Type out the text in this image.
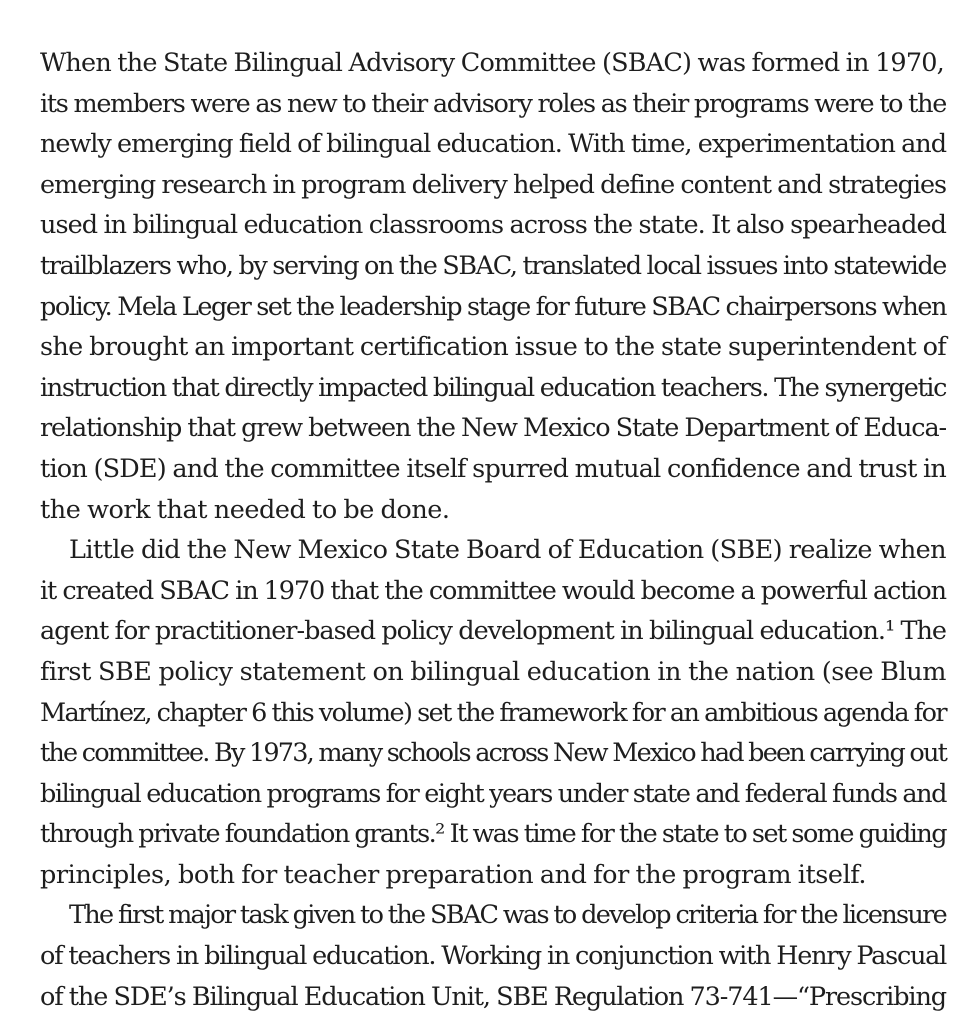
When the State Bilingual Advisory Committee (SBAC) was formed in 1970,
its members were as new to their advisory roles as their programs were to the
newly emerging field of bilingual education. With time, experimentation and
emerging research in program delivery helped define content and strategies
used in bilingual education classrooms across the state. It also spearheaded
trailblazers who, by serving on the SBAC, translated local issues into statewide
policy. Mela Leger set the leadership stage for future SBAC chairpersons when
she brought an important certification issue to the state superintendent of
instruction that directly impacted bilingual education teachers. The synergetic
relationship that grew between the New Mexico State Department of Educa-
tion (SDE) and the committee itself spurred mutual confidence and trust in
the work that needed to be done.
Little did the New Mexico State Board of Education (SBE) realize when
it created SBAC in 1970 that the committee would become a powerful action
agent for practitioner-based policy development in bilingual education.¹ The
first SBE policy statement on bilingual education in the nation (see Blum
Martínez, chapter 6 this volume) set the framework for an ambitious agenda for
the committee. By 1973, many schools across New Mexico had been carrying out
bilingual education programs for eight years under state and federal funds and
through private foundation grants.² It was time for the state to set some guiding
principles, both for teacher preparation and for the program itself.
The first major task given to the SBAC was to develop criteria for the licensure
of teachers in bilingual education. Working in conjunction with Henry Pascual
of the SDE’s Bilingual Education Unit, SBE Regulation 73-741—“Prescribing
